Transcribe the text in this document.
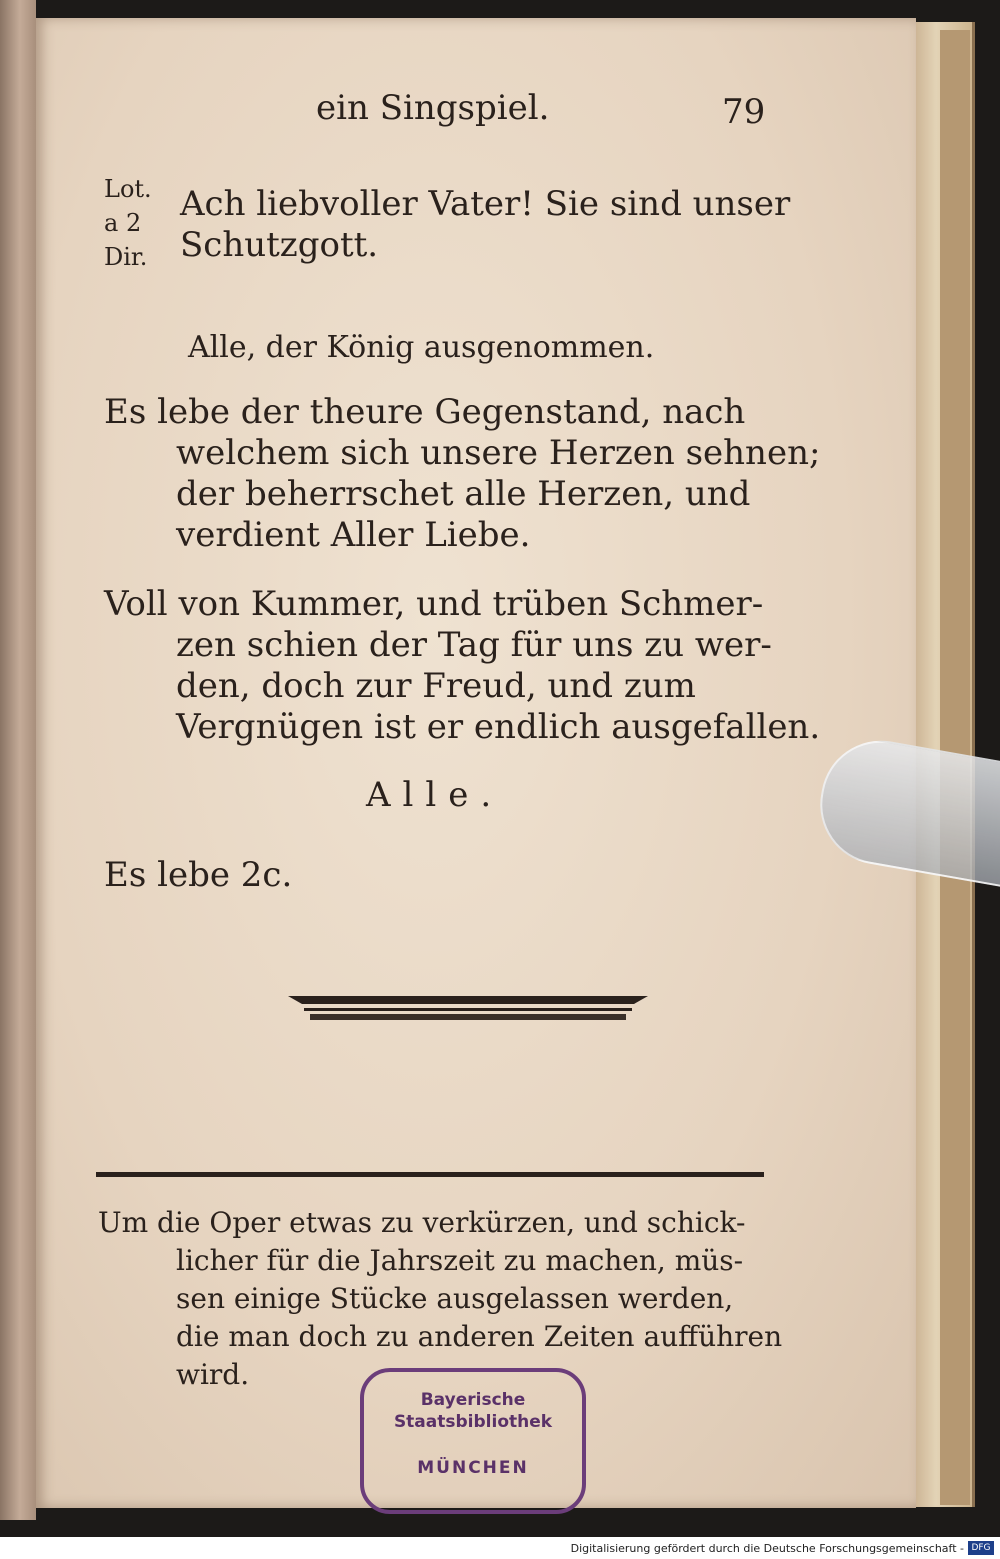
ein Singspiel.	79
Lot.
a 2
Dir.
Ach liebvoller Vater! Sie sind unser
Schutzgott.
Alle, der König ausgenommen.
Es lebe der theure Gegenstand, nach
welchem sich unsere Herzen sehnen;
der beherrschet alle Herzen, und
verdient Aller Liebe.
Voll von Kummer, und trüben Schmer-
zen schien der Tag für uns zu wer-
den, doch zur Freud, und zum
Vergnügen ist er endlich ausgefallen.
Alle.
Es lebe 2c.
Um die Oper etwas zu verkürzen, und schick-
licher für die Jahrszeit zu machen, müs-
sen einige Stücke ausgelassen werden,
die man doch zu anderen Zeiten aufführen
wird.
Bayerische
Staatsbibliothek
MÜNCHEN
Digitalisierung gefördert durch die Deutsche Forschungsgemeinschaft - DFG
